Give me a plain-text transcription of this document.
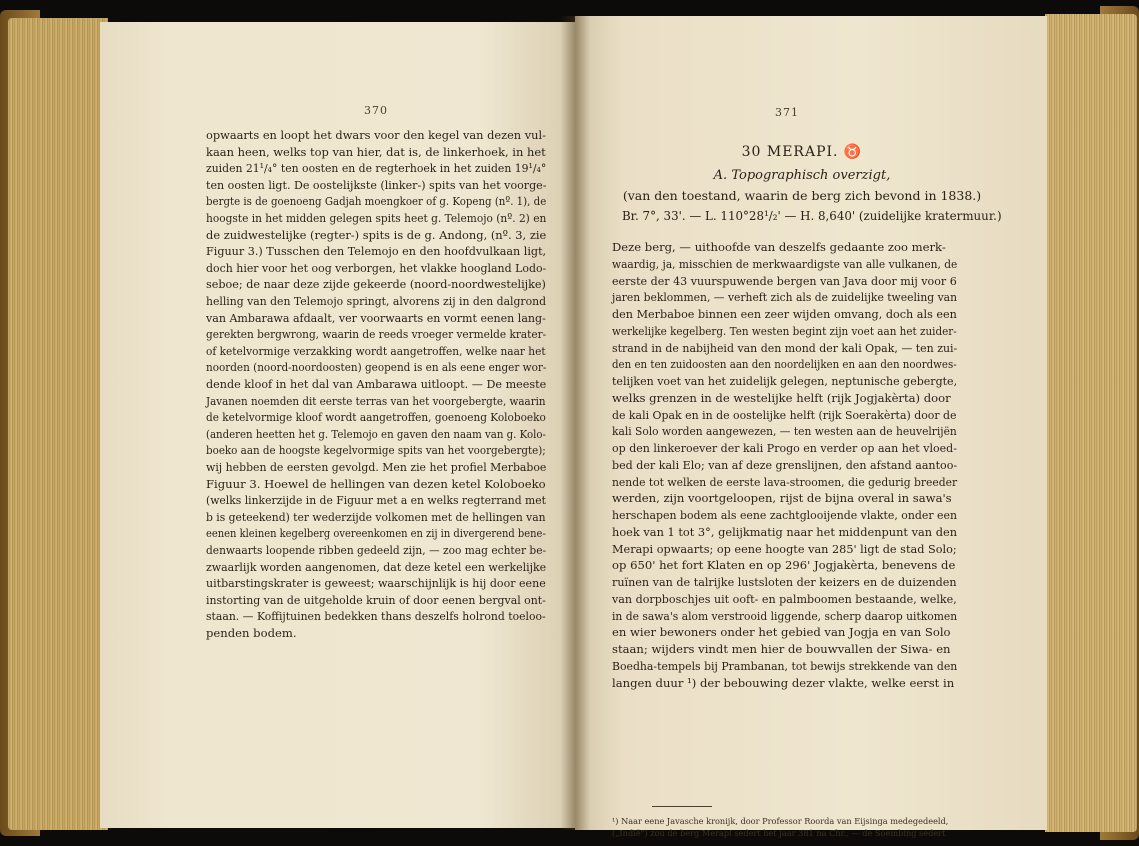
370
opwaarts en loopt het dwars voor den kegel van dezen vul-
kaan heen, welks top van hier, dat is, de linkerhoek, in het
zuiden 21¹/₄° ten oosten en de regterhoek in het zuiden 19¹/₄°
ten oosten ligt. De oostelijkste (linker-) spits van het voorge-
bergte is de goenoeng Gadjah moengkoer of g. Kopeng (nº. 1), de
hoogste in het midden gelegen spits heet g. Telemojo (nº. 2) en
de zuidwestelijke (regter-) spits is de g. Andong, (nº. 3, zie
Figuur 3.) Tusschen den Telemojo en den hoofdvulkaan ligt,
doch hier voor het oog verborgen, het vlakke hoogland Lodo-
seboe; de naar deze zijde gekeerde (noord-noordwestelijke)
helling van den Telemojo springt, alvorens zij in den dalgrond
van Ambarawa afdaalt, ver voorwaarts en vormt eenen lang-
gerekten bergwrong, waarin de reeds vroeger vermelde krater-
of ketelvormige verzakking wordt aangetroffen, welke naar het
noorden (noord-noordoosten) geopend is en als eene enger wor-
dende kloof in het dal van Ambarawa uitloopt. — De meeste
Javanen noemden dit eerste terras van het voorgebergte, waarin
de ketelvormige kloof wordt aangetroffen, goenoeng Koloboeko
(anderen heetten het g. Telemojo en gaven den naam van g. Kolo-
boeko aan de hoogste kegelvormige spits van het voorgebergte);
wij hebben de eersten gevolgd. Men zie het profiel Merbaboe
Figuur 3. Hoewel de hellingen van dezen ketel Koloboeko
(welks linkerzijde in de Figuur met a en welks regterrand met
b is geteekend) ter wederzijde volkomen met de hellingen van
eenen kleinen kegelberg overeenkomen en zij in divergerend bene-
denwaarts loopende ribben gedeeld zijn, — zoo mag echter be-
zwaarlijk worden aangenomen, dat deze ketel een werkelijke
uitbarstingskrater is geweest; waarschijnlijk is hij door eene
instorting van de uitgeholde kruin of door eenen bergval ont-
staan. — Koffijtuinen bedekken thans deszelfs holrond toeloo-
penden bodem.
371
30 MERAPI. ♉
A. Topographisch overzigt,
(van den toestand, waarin de berg zich bevond in 1838.)
Br. 7°, 33'. — L. 110°28¹/₂' — H. 8,640' (zuidelijke kratermuur.)
Deze berg, — uithoofde van deszelfs gedaante zoo merk-
waardig, ja, misschien de merkwaardigste van alle vulkanen, de
eerste der 43 vuurspuwende bergen van Java door mij voor 6
jaren beklommen, — verheft zich als de zuidelijke tweeling van
den Merbaboe binnen een zeer wijden omvang, doch als een
werkelijke kegelberg. Ten westen begint zijn voet aan het zuider-
strand in de nabijheid van den mond der kali Opak, — ten zui-
den en ten zuidoosten aan den noordelijken en aan den noordwes-
telijken voet van het zuidelijk gelegen, neptunische gebergte,
welks grenzen in de westelijke helft (rijk Jogjakèrta) door
de kali Opak en in de oostelijke helft (rijk Soerakèrta) door de
kali Solo worden aangewezen, — ten westen aan de heuvelrijën
op den linkeroever der kali Progo en verder op aan het vloed-
bed der kali Elo; van af deze grenslijnen, den afstand aantoo-
nende tot welken de eerste lava-stroomen, die gedurig breeder
werden, zijn voortgeloopen, rijst de bijna overal in sawa's
herschapen bodem als eene zachtglooijende vlakte, onder een
hoek van 1 tot 3°, gelijkmatig naar het middenpunt van den
Merapi opwaarts; op eene hoogte van 285' ligt de stad Solo;
op 650' het fort Klaten en op 296' Jogjakèrta, benevens de
ruïnen van de talrijke lustsloten der keizers en de duizenden
van dorpboschjes uit ooft- en palmboomen bestaande, welke,
in de sawa's alom verstrooid liggende, scherp daarop uitkomen
en wier bewoners onder het gebied van Jogja en van Solo
staan; wijders vindt men hier de bouwvallen der Siwa- en
Boedha-tempels bij Prambanan, tot bewijs strekkende van den
langen duur ¹) der bebouwing dezer vlakte, welke eerst in
¹) Naar eene Javasche kronijk, door Professor Roorda van Eijsinga medegedeeld,
(„Indië") zou de berg Merapi sedert het jaar 381 na Chr., — de Soembing sedert
